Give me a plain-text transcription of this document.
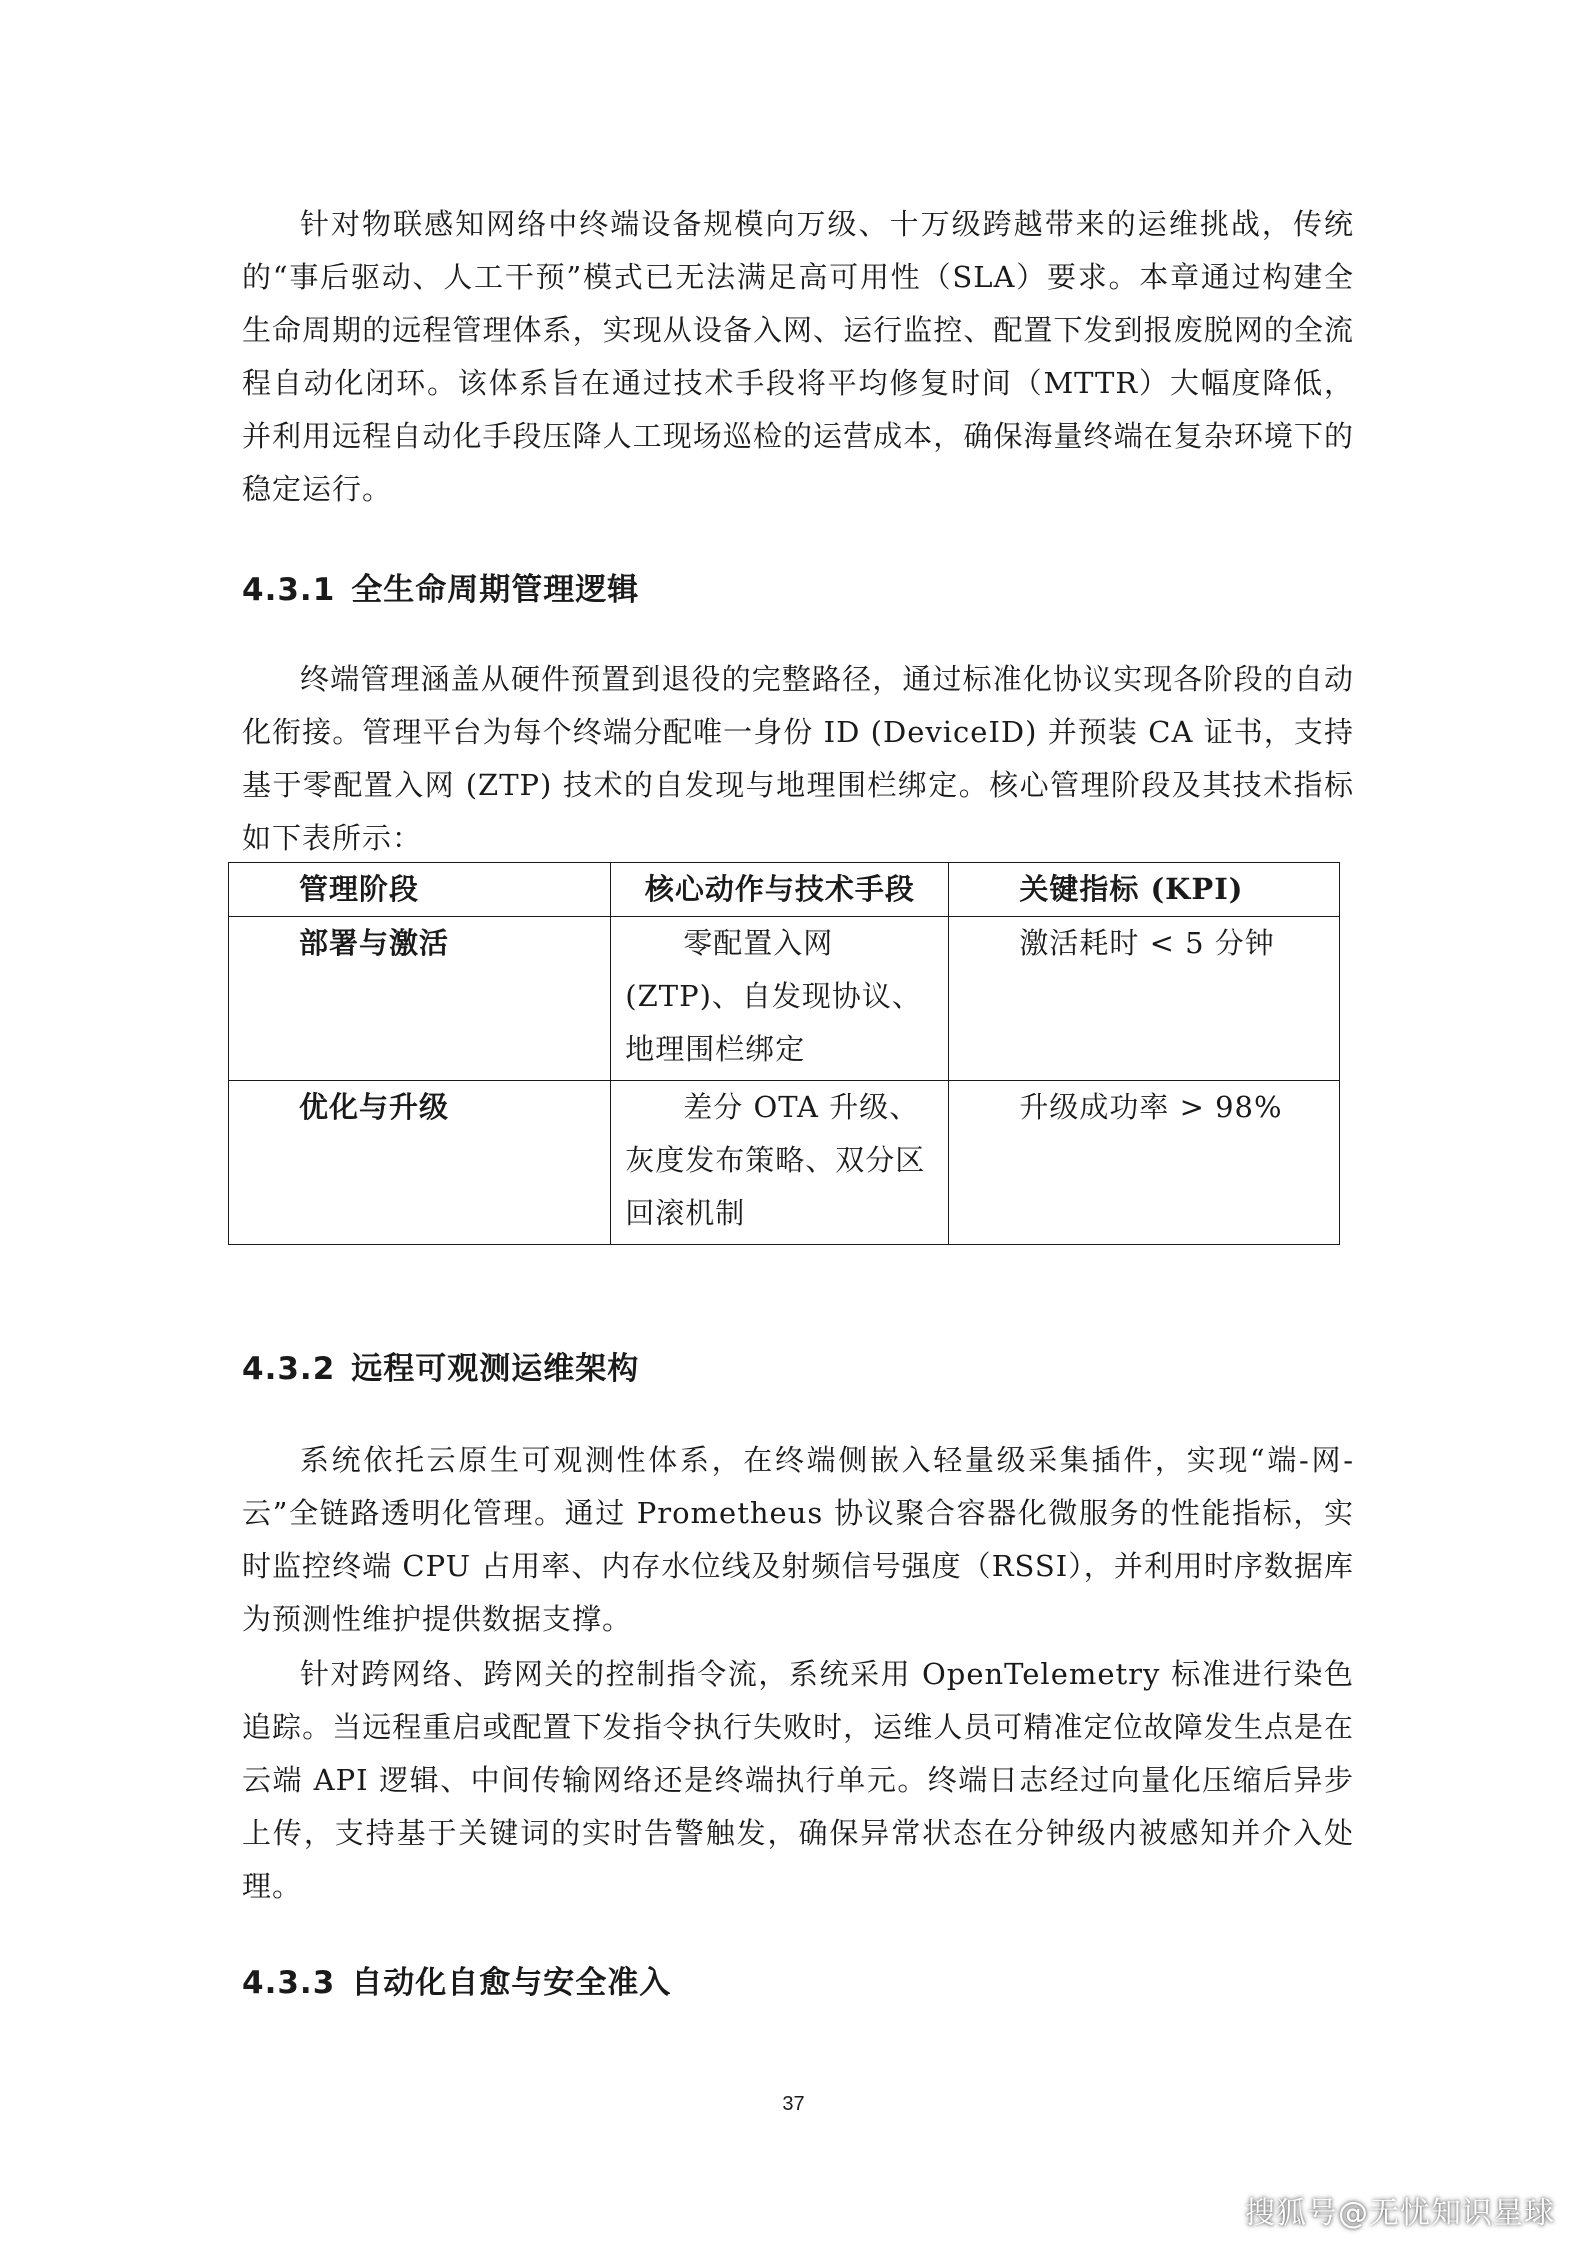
针对物联感知网络中终端设备规模向万级、十万级跨越带来的运维挑战，传统的“事后驱动、人工干预”模式已无法满足高可用性（SLA）要求。本章通过构建全生命周期的远程管理体系，实现从设备入网、运行监控、配置下发到报废脱网的全流程自动化闭环。该体系旨在通过技术手段将平均修复时间（MTTR）大幅度降低，并利用远程自动化手段压降人工现场巡检的运营成本，确保海量终端在复杂环境下的稳定运行。

4.3.1 全生命周期管理逻辑

终端管理涵盖从硬件预置到退役的完整路径，通过标准化协议实现各阶段的自动化衔接。管理平台为每个终端分配唯一身份 ID (DeviceID) 并预装 CA 证书，支持基于零配置入网 (ZTP) 技术的自发现与地理围栏绑定。核心管理阶段及其技术指标如下表所示：

管理阶段	核心动作与技术手段	关键指标 (KPI)
部署与激活	零配置入网 (ZTP)、自发现协议、地理围栏绑定	激活耗时 < 5 分钟
优化与升级	差分 OTA 升级、灰度发布策略、双分区回滚机制	升级成功率 > 98%
4.3.2 远程可观测运维架构

系统依托云原生可观测性体系，在终端侧嵌入轻量级采集插件，实现“端-网-云”全链路透明化管理。通过 Prometheus 协议聚合容器化微服务的性能指标，实时监控终端 CPU 占用率、内存水位线及射频信号强度（RSSI），并利用时序数据库为预测性维护提供数据支撑。

针对跨网络、跨网关的控制指令流，系统采用 OpenTelemetry 标准进行染色追踪。当远程重启或配置下发指令执行失败时，运维人员可精准定位故障发生点是在云端 API 逻辑、中间传输网络还是终端执行单元。终端日志经过向量化压缩后异步上传，支持基于关键词的实时告警触发，确保异常状态在分钟级内被感知并介入处理。

4.3.3 自动化自愈与安全准入
37
搜狐号@无忧知识星球
